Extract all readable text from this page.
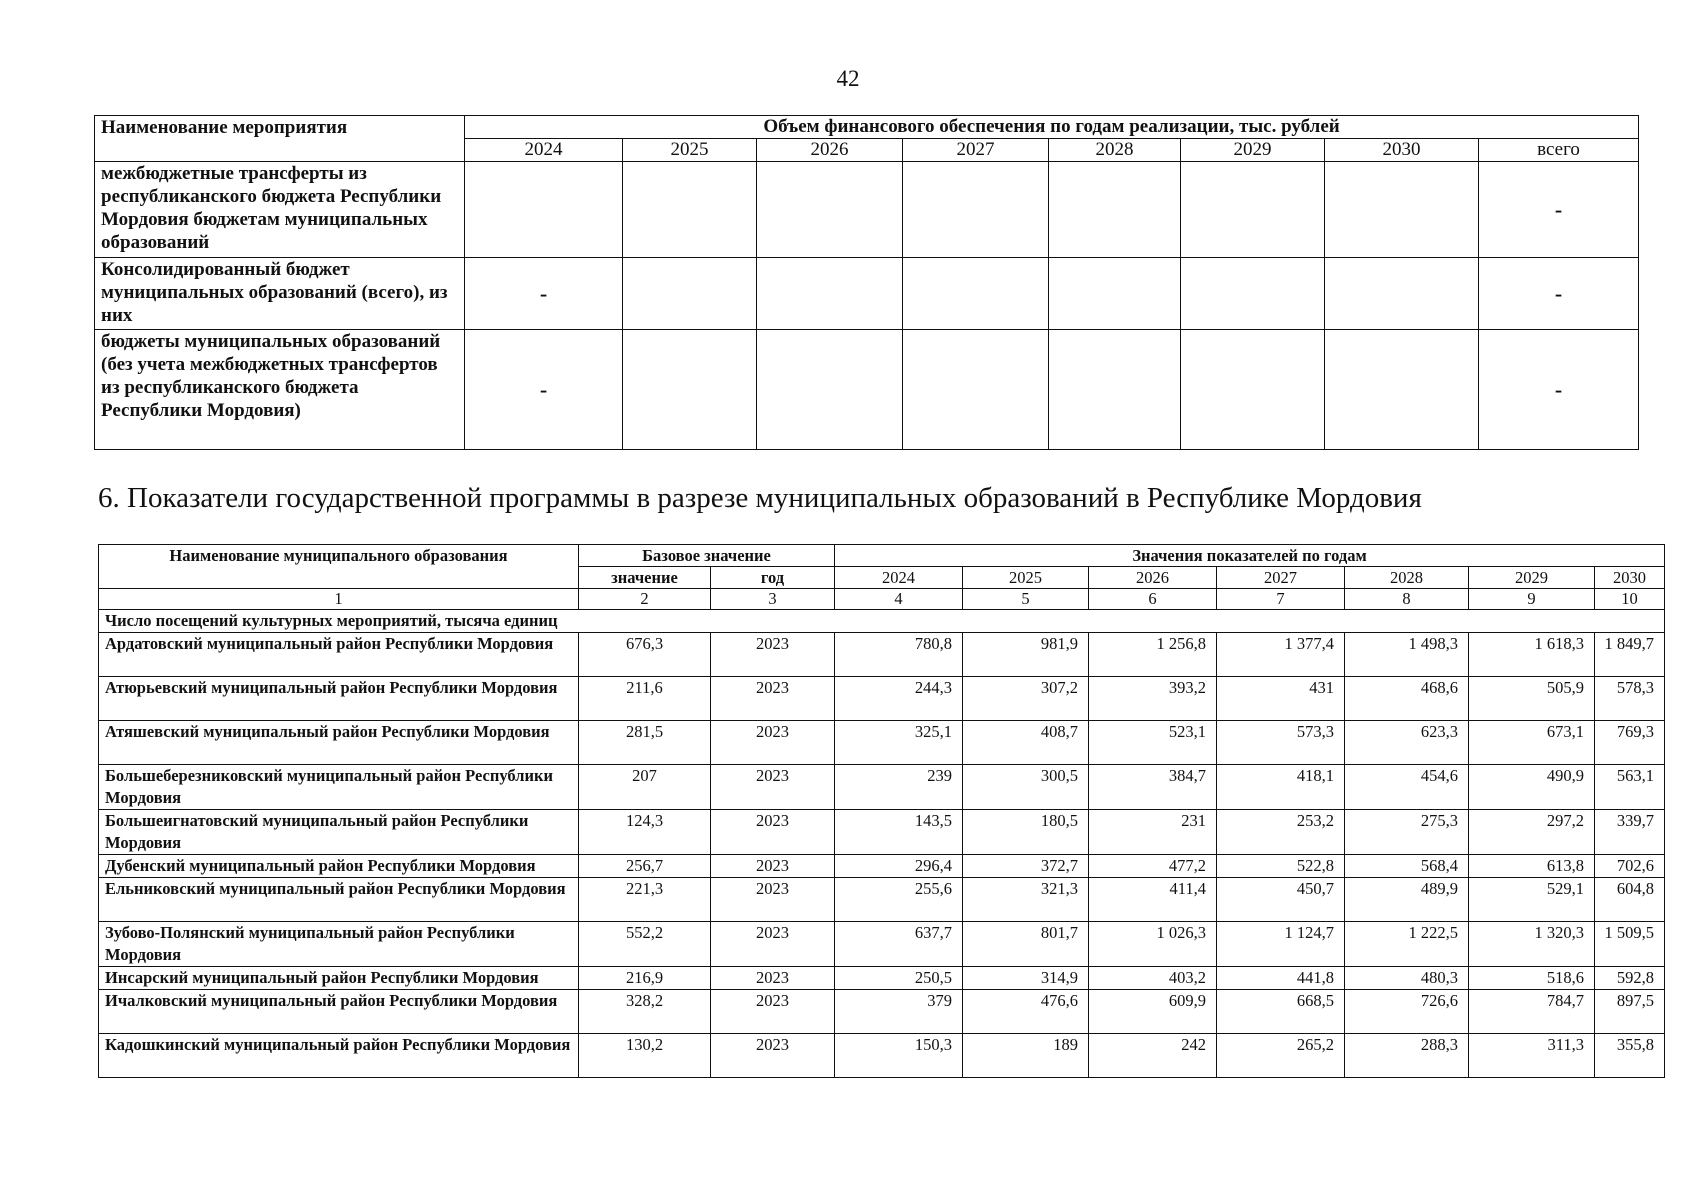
42
Наименование мероприятия	Объем финансового обеспечения по годам реализации, тыс. рублей							
	2024	2025	2026	2027	2028	2029	2030	всего
межбюджетные трансферты из республиканского бюджета Республики Мордовия бюджетам муниципальных образований								-
Консолидированный бюджет муниципальных образований (всего), из них	-							-
бюджеты муниципальных образований (без учета межбюджетных трансфертов из республиканского бюджета Республики Мордовия)	-							-
6. Показатели государственной программы в разрезе муниципальных образований в Республике Мордовия
Наименование муниципального образования	Базовое значение		Значения показателей по годам						
	значение	год	2024	2025	2026	2027	2028	2029	2030
1	2	3	4	5	6	7	8	9	10
Число посещений культурных мероприятий, тысяча единиц									
Ардатовский муниципальный район Республики Мордовия	676,3	2023	780,8	981,9	1 256,8	1 377,4	1 498,3	1 618,3	1 849,7
Атюрьевский муниципальный район Республики Мордовия	211,6	2023	244,3	307,2	393,2	431	468,6	505,9	578,3
Атяшевский муниципальный район Республики Мордовия	281,5	2023	325,1	408,7	523,1	573,3	623,3	673,1	769,3
Большеберезниковский муниципальный район Республики Мордовия	207	2023	239	300,5	384,7	418,1	454,6	490,9	563,1
Большеигнатовский муниципальный район Республики Мордовия	124,3	2023	143,5	180,5	231	253,2	275,3	297,2	339,7
Дубенский муниципальный район Республики Мордовия	256,7	2023	296,4	372,7	477,2	522,8	568,4	613,8	702,6
Ельниковский муниципальный район Республики Мордовия	221,3	2023	255,6	321,3	411,4	450,7	489,9	529,1	604,8
Зубово-Полянский муниципальный район Республики Мордовия	552,2	2023	637,7	801,7	1 026,3	1 124,7	1 222,5	1 320,3	1 509,5
Инсарский муниципальный район Республики Мордовия	216,9	2023	250,5	314,9	403,2	441,8	480,3	518,6	592,8
Ичалковский муниципальный район Республики Мордовия	328,2	2023	379	476,6	609,9	668,5	726,6	784,7	897,5
Кадошкинский муниципальный район Республики Мордовия	130,2	2023	150,3	189	242	265,2	288,3	311,3	355,8
